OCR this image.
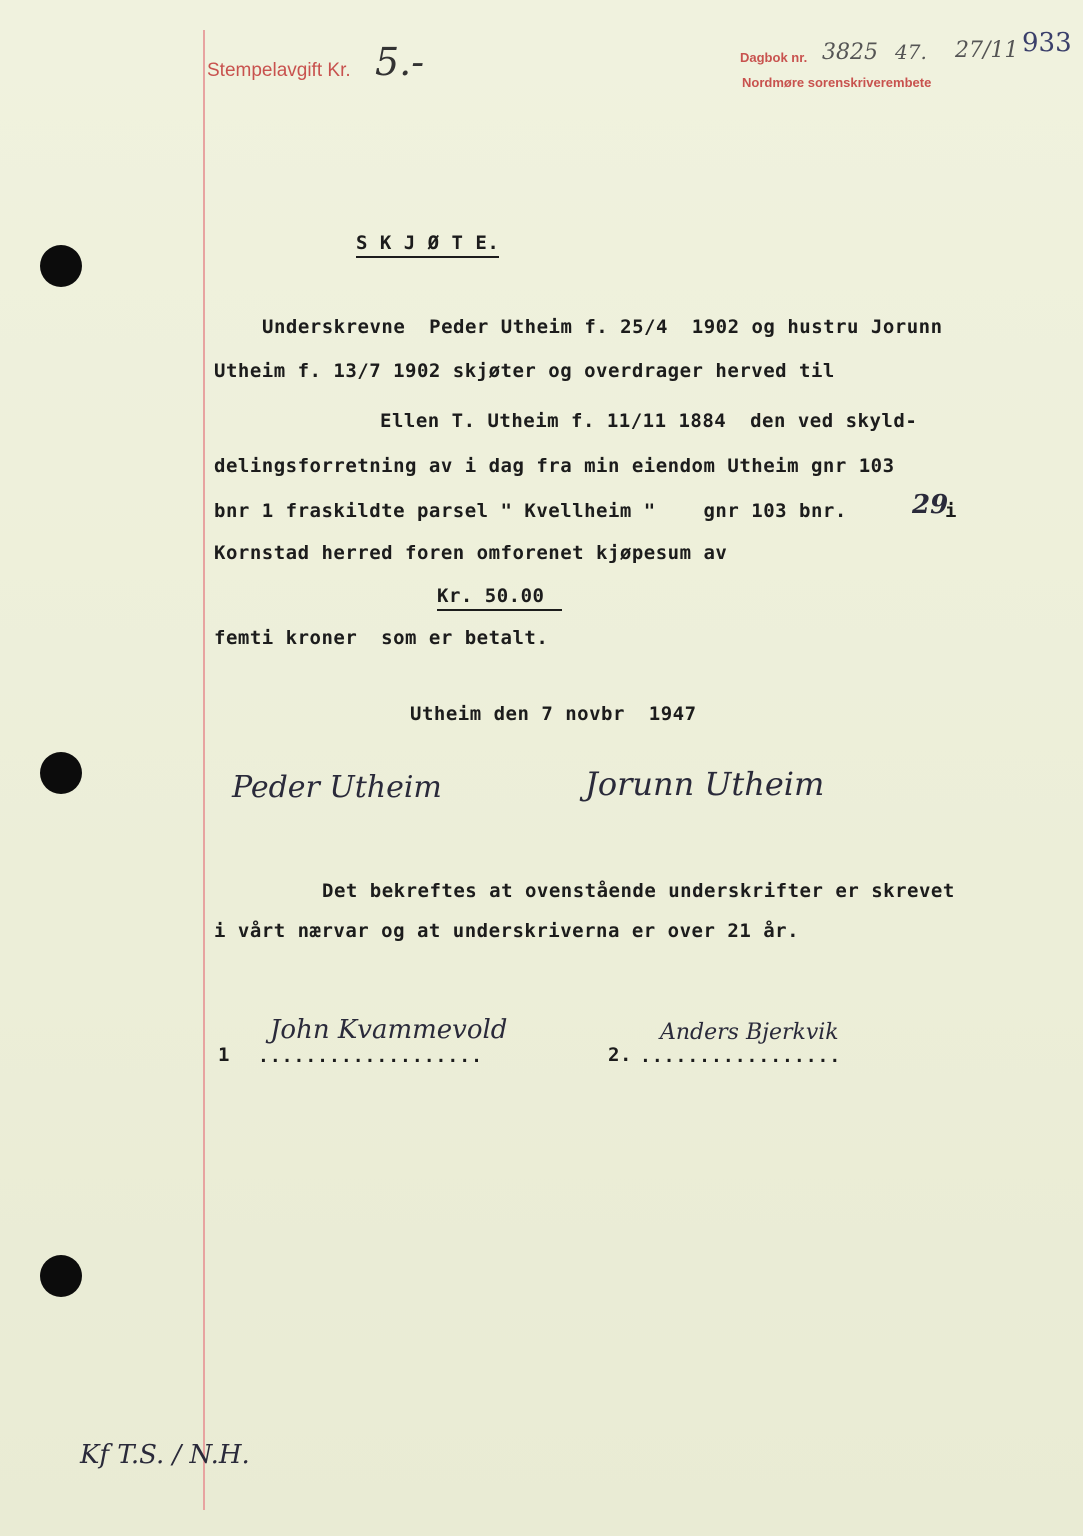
Stempelavgift Kr. 5.-	Dagbok nr. 3825 47. 27/11
Nordmøre sorenskriverembete
933
S K J Ø T E.
Underskrevne  Peder Utheim f. 25/4  1902 og hustru Jorunn
Utheim f. 13/7 1902 skjøter og overdrager herved til
Ellen T. Utheim f. 11/11 1884  den ved skyld-
delingsforretning av i dag fra min eiendom Utheim gnr 103
bnr 1 fraskildte parsel " Kvellheim "    gnr 103 bnr.	29
i
Kornstad herred foren omforenet kjøpesum av
Kr. 50.00
femti kroner  som er betalt.
Utheim den 7 novbr  1947
Peder Utheim	Jorunn Utheim
Det bekreftes at ovenstående underskrifter er skrevet
i vårt nærvar og at underskriverna er over 21 år.
1 ...................
John Kvammevold
2. .................
Anders Bjerkvik
Kf T.S. / N.H.
